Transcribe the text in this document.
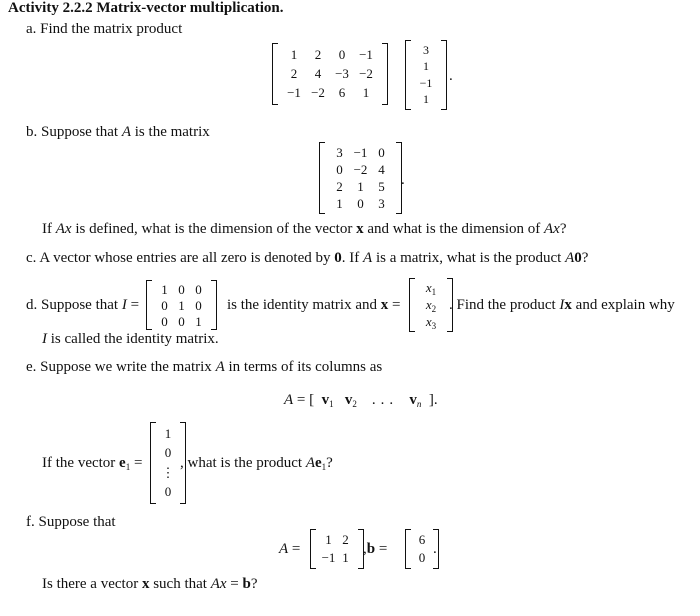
Activity 2.2.2 Matrix-vector multiplication.
a. Find the matrix product
1 2 0 −1
2 4 −3 −2
−1 −2 6 1
3
1
−1
1
.
b. Suppose that A is the matrix
3 −1 0
0 −2 4
2 1 5
1 0 3
.
If Ax is defined, what is the dimension of the vector x and what is the dimension of Ax?
c. A vector whose entries are all zero is denoted by 0. If A is a matrix, what is the product A0?
d. Suppose that I =
1 0 0
0 1 0
0 0 1
is the identity matrix and x =
$x_1$
$x_2$
$x_3$
. Find the product Ix and explain why
I is called the identity matrix.
e. Suppose we write the matrix A in terms of its columns as
A = [ $v_1$ $v_2$ ... $v_n$ ].
If the vector $e_1$ =
1
0
⋮
0
, what is the product $Ae_1$?
f. Suppose that
A =
1 2
−1 1
,b =
6
0
.
Is there a vector x such that Ax = b?
